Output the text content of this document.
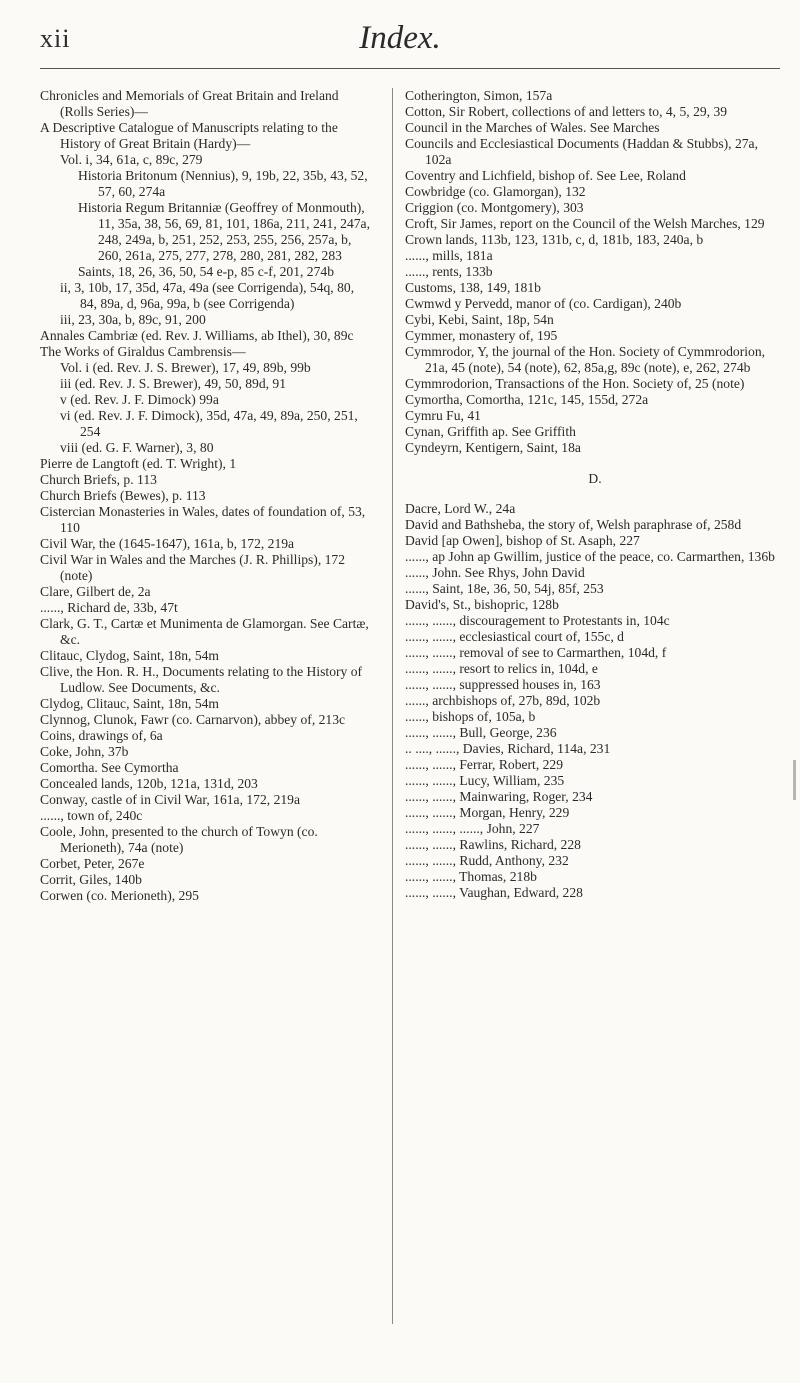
xii	Index.
Chronicles and Memorials of Great Britain and Ireland (Rolls Series)—
A Descriptive Catalogue of Manuscripts relating to the History of Great Britain (Hardy)—
Vol. i, 34, 61a, c, 89c, 279
Historia Britonum (Nennius), 9, 19b, 22, 35b, 43, 52, 57, 60, 274a
Historia Regum Britanniæ (Geoffrey of Monmouth), 11, 35a, 38, 56, 69, 81, 101, 186a, 211, 241, 247a, 248, 249a, b, 251, 252, 253, 255, 256, 257a, b, 260, 261a, 275, 277, 278, 280, 281, 282, 283
Saints, 18, 26, 36, 50, 54 e-p, 85 c-f, 201, 274b
ii, 3, 10b, 17, 35d, 47a, 49a (see Corrigenda), 54q, 80, 84, 89a, d, 96a, 99a, b (see Corrigenda)
iii, 23, 30a, b, 89c, 91, 200
Annales Cambriæ (ed. Rev. J. Williams, ab Ithel), 30, 89c
The Works of Giraldus Cambrensis—
Vol. i (ed. Rev. J. S. Brewer), 17, 49, 89b, 99b
iii (ed. Rev. J. S. Brewer), 49, 50, 89d, 91
v (ed. Rev. J. F. Dimock) 99a
vi (ed. Rev. J. F. Dimock), 35d, 47a, 49, 89a, 250, 251, 254
viii (ed. G. F. Warner), 3, 80
Pierre de Langtoft (ed. T. Wright), 1
Church Briefs, p. 113
Church Briefs (Bewes), p. 113
Cistercian Monasteries in Wales, dates of foundation of, 53, 110
Civil War, the (1645-1647), 161a, b, 172, 219a
Civil War in Wales and the Marches (J. R. Phillips), 172 (note)
Clare, Gilbert de, 2a
......, Richard de, 33b, 47t
Clark, G. T., Cartæ et Munimenta de Glamorgan. See Cartæ, &c.
Clitauc, Clydog, Saint, 18n, 54m
Clive, the Hon. R. H., Documents relating to the History of Ludlow. See Documents, &c.
Clydog, Clitauc, Saint, 18n, 54m
Clynnog, Clunok, Fawr (co. Carnarvon), abbey of, 213c
Coins, drawings of, 6a
Coke, John, 37b
Comortha. See Cymortha
Concealed lands, 120b, 121a, 131d, 203
Conway, castle of in Civil War, 161a, 172, 219a
......, town of, 240c
Coole, John, presented to the church of Towyn (co. Merioneth), 74a (note)
Corbet, Peter, 267e
Corrit, Giles, 140b
Corwen (co. Merioneth), 295
Cotherington, Simon, 157a
Cotton, Sir Robert, collections of and letters to, 4, 5, 29, 39
Council in the Marches of Wales. See Marches
Councils and Ecclesiastical Documents (Haddan & Stubbs), 27a, 102a
Coventry and Lichfield, bishop of. See Lee, Roland
Cowbridge (co. Glamorgan), 132
Criggion (co. Montgomery), 303
Croft, Sir James, report on the Council of the Welsh Marches, 129
Crown lands, 113b, 123, 131b, c, d, 181b, 183, 240a, b
......, mills, 181a
......, rents, 133b
Customs, 138, 149, 181b
Cwmwd y Pervedd, manor of (co. Cardigan), 240b
Cybi, Kebi, Saint, 18p, 54n
Cymmer, monastery of, 195
Cymmrodor, Y, the journal of the Hon. Society of Cymmrodorion, 21a, 45 (note), 54 (note), 62, 85a,g, 89c (note), e, 262, 274b
Cymmrodorion, Transactions of the Hon. Society of, 25 (note)
Cymortha, Comortha, 121c, 145, 155d, 272a
Cymru Fu, 41
Cynan, Griffith ap. See Griffith
Cyndeyrn, Kentigern, Saint, 18a
D.
Dacre, Lord W., 24a
David and Bathsheba, the story of, Welsh paraphrase of, 258d
David [ap Owen], bishop of St. Asaph, 227
......, ap John ap Gwillim, justice of the peace, co. Carmarthen, 136b
......, John. See Rhys, John David
......, Saint, 18e, 36, 50, 54j, 85f, 253
David's, St., bishopric, 128b
......, ......, discouragement to Protestants in, 104c
......, ......, ecclesiastical court of, 155c, d
......, ......, removal of see to Carmarthen, 104d, f
......, ......, resort to relics in, 104d, e
......, ......, suppressed houses in, 163
......, archbishops of, 27b, 89d, 102b
......, bishops of, 105a, b
......, ......, Bull, George, 236
.. ...., ......, Davies, Richard, 114a, 231
......, ......, Ferrar, Robert, 229
......, ......, Lucy, William, 235
......, ......, Mainwaring, Roger, 234
......, ......, Morgan, Henry, 229
......, ......, ......, John, 227
......, ......, Rawlins, Richard, 228
......, ......, Rudd, Anthony, 232
......, ......, Thomas, 218b
......, ......, Vaughan, Edward, 228
